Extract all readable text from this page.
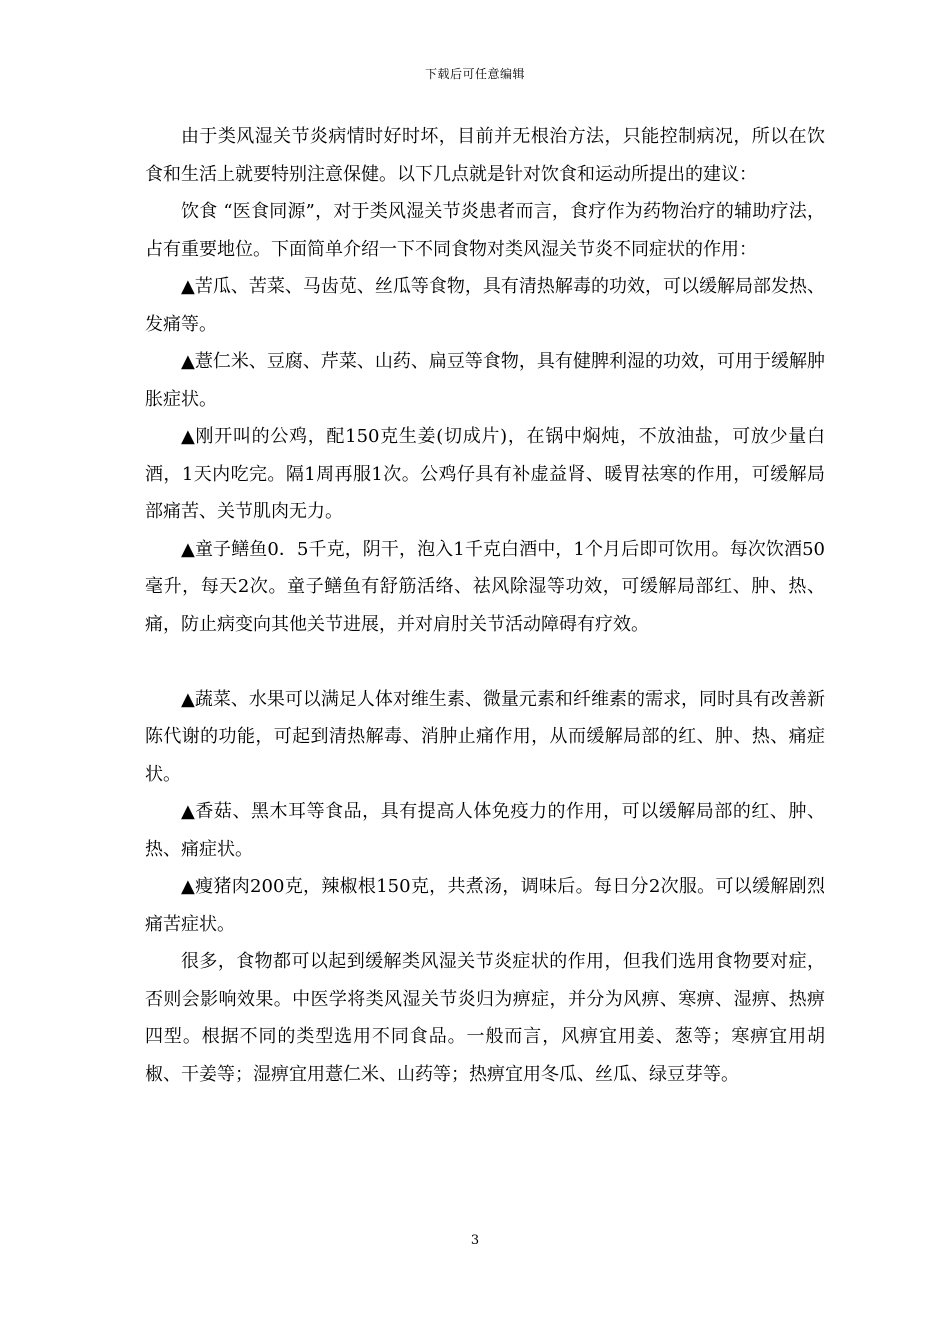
下载后可任意编辑

由于类风湿关节炎病情时好时坏，目前并无根治方法，只能控制病况，所以在饮食和生活上就要特别注意保健。以下几点就是针对饮食和运动所提出的建议：

饮食 “医食同源”，对于类风湿关节炎患者而言，食疗作为药物治疗的辅助疗法，占有重要地位。下面简单介绍一下不同食物对类风湿关节炎不同症状的作用：

▲苦瓜、苦菜、马齿苋、丝瓜等食物，具有清热解毒的功效，可以缓解局部发热、发痛等。

▲薏仁米、豆腐、芹菜、山药、扁豆等食物，具有健脾利湿的功效，可用于缓解肿胀症状。

▲刚开叫的公鸡，配150克生姜(切成片)，在锅中焖炖，不放油盐，可放少量白酒，1天内吃完。隔1周再服1次。公鸡仔具有补虚益肾、暖胃祛寒的作用，可缓解局部痛苦、关节肌肉无力。

▲童子鳝鱼0．5千克，阴干，泡入1千克白酒中，1个月后即可饮用。每次饮酒50毫升，每天2次。童子鳝鱼有舒筋活络、祛风除湿等功效，可缓解局部红、肿、热、痛，防止病变向其他关节进展，并对肩肘关节活动障碍有疗效。

▲蔬菜、水果可以满足人体对维生素、微量元素和纤维素的需求，同时具有改善新陈代谢的功能，可起到清热解毒、消肿止痛作用，从而缓解局部的红、肿、热、痛症状。

▲香菇、黑木耳等食品，具有提高人体免疫力的作用，可以缓解局部的红、肿、热、痛症状。

▲瘦猪肉200克，辣椒根150克，共煮汤，调味后。每日分2次服。可以缓解剧烈痛苦症状。

很多，食物都可以起到缓解类风湿关节炎症状的作用，但我们选用食物要对症，否则会影响效果。中医学将类风湿关节炎归为痹症，并分为风痹、寒痹、湿痹、热痹四型。根据不同的类型选用不同食品。一般而言，风痹宜用姜、葱等；寒痹宜用胡椒、干姜等；湿痹宜用薏仁米、山药等；热痹宜用冬瓜、丝瓜、绿豆芽等。

3
